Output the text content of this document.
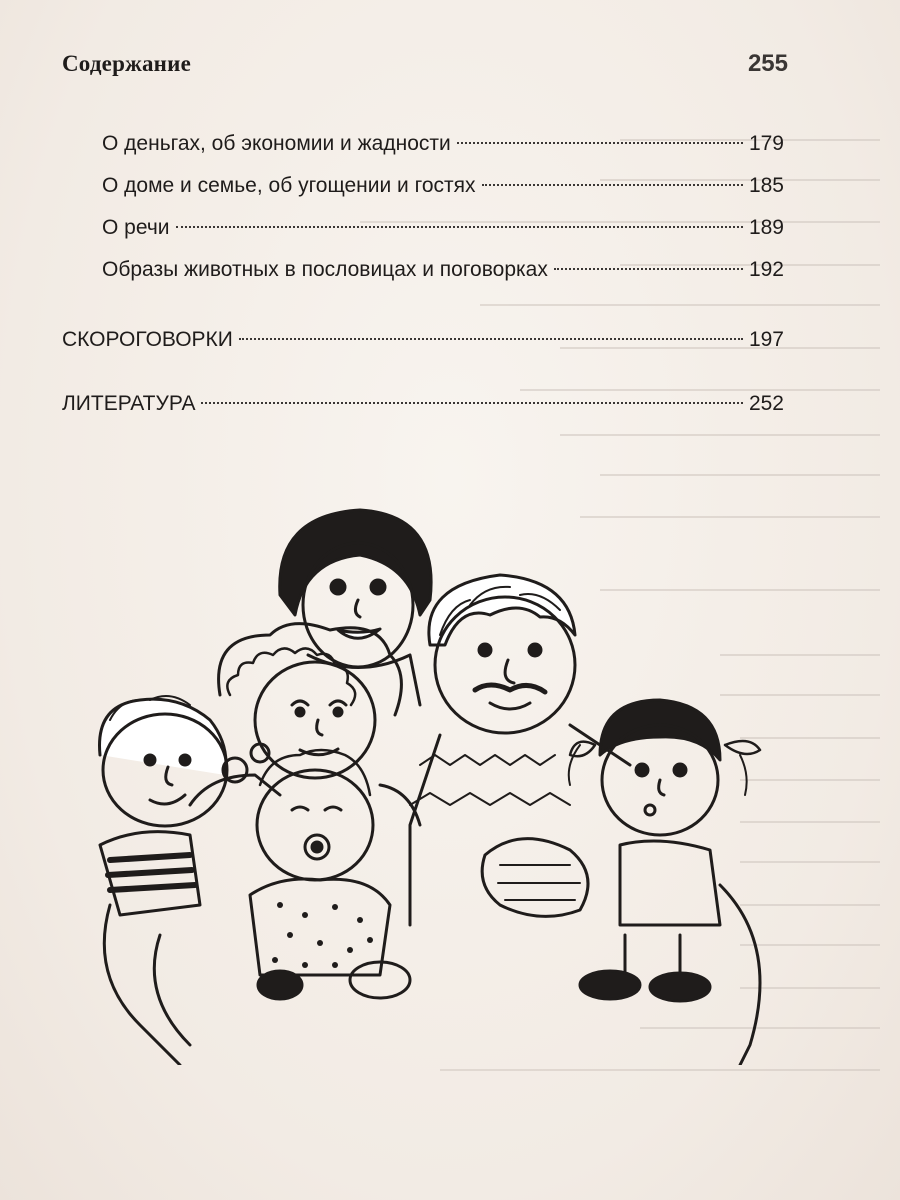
Содержание	255
О деньгах, об экономии и жадности	179
О доме и семье, об угощении и гостях	185
О речи	189
Образы животных в пословицах и поговорках	192
СКОРОГОВОРКИ	197
ЛИТЕРАТУРА	252
